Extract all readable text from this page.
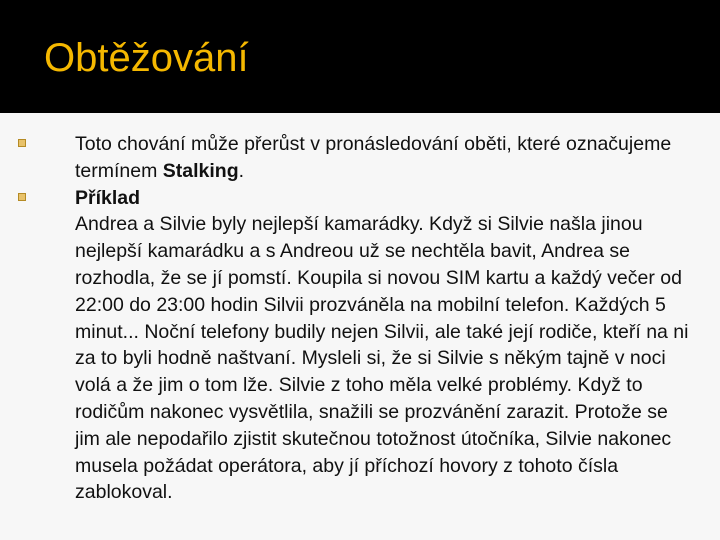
Obtěžování
Toto chování může přerůst v pronásledování oběti, které označujeme termínem Stalking.
Příklad
Andrea a Silvie byly nejlepší kamarádky. Když si Silvie našla jinou nejlepší kamarádku a s Andreou už se nechtěla bavit, Andrea se rozhodla, že se jí pomstí. Koupila si novou SIM kartu a každý večer od 22:00 do 23:00 hodin Silvii prozváněla na mobilní telefon. Každých 5 minut... Noční telefony budily nejen Silvii, ale také její rodiče, kteří na ni za to byli hodně naštvaní. Mysleli si, že si Silvie s někým tajně v noci volá a že jim o tom lže. Silvie z toho měla velké problémy. Když to rodičům nakonec vysvětlila, snažili se prozvánění zarazit. Protože se jim ale nepodařilo zjistit skutečnou totožnost útočníka, Silvie nakonec musela požádat operátora, aby jí příchozí hovory z tohoto čísla zablokoval.
